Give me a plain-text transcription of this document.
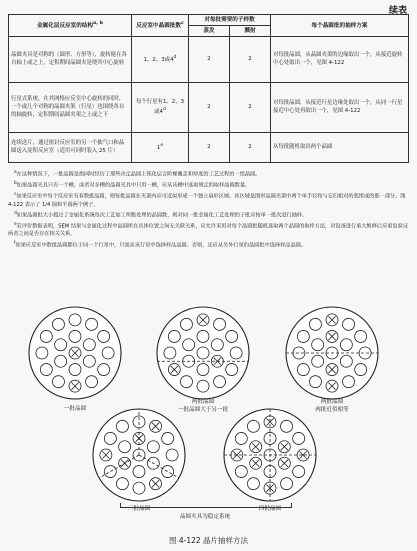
续表
金属化层反应室的结构$^{a, b}$	反应室中晶圆批数$^c$	对每批需要的子样数		每个晶圆批的抽样方案
		蒸发	溅射	
晶圆夹具是对称的（圆形、方形等），旋转能在各自轴上或之上，定积期间晶圆夹是绕其中心旋转	1、2、3或4$^d$	2	2	对每批晶圆，从晶圆夹架的边缘取出一个，从接近旋转中心处取出一个，见图 4-122
行星式系统，在其网格应反室中心旋转的同时，一个或几个对称的晶圆夹架（行星）也围绕各自的轴旋转，定积期间晶圆夹架之上或之下	每个行星有1、2、3或4$^d$	2	2	对每批晶圆，从接近行星边缘处取出一个，从同一行星接近中心处再取出一个，见图 4-122
连续送片，通过密封反应室的另一个抽气口和晶圆送入淀积反应室（适用可同时装入 25 片）	1e	2	2	从每批随机取出两个晶圆

$^a$在这种情况下，一批晶圆是指同时经历了那些决定晶圆上钝化层合阶梯覆盖和厚度的工艺过程的一组晶圆。

$^b$如果晶圆夹具只有一个槽，或者对多槽的晶圆夹具中只用一槽，应从该槽中选取规定的取样晶圆数量。

$^c$如果反应室中每个反应室有着数批晶圆，则每批晶圆在夹架内应可近似形成一个独立扇形区域。该区域是图形晶圆夹架中两个单手径和与它们相对的弧组成的那一部分。图 4-122 表示了 1/4 圆和半圆两个例子。

$^d$如果晶圆批大小超过了金属化系统每次工艺加工所能处理的晶圆数，则对同一批金属化工艺处理的子批应按单一批次进行抽样。

$^e$若评价数据表明，SEM 结果与金属化过程中晶圆所在具体位置之间无关联关系，应允许采用对每个晶圆批随机选取两个晶圆的取样方法，对设备进行重大维修后应重复验证两者之间是否存在相关关系。

$^f$如果应反室中数批晶圆都位于同一个行星中，只需从该行星中选择样品晶圆。否则，还应从另外行星的晶圆批中选择样品晶圆。

一批晶圆
两批晶圆
一批晶圆大于另一批
两批晶圆
两批近似相等
三批晶圆	四批晶圆
晶圆夹具为稳定系统
图 4-122 晶片抽样方法
